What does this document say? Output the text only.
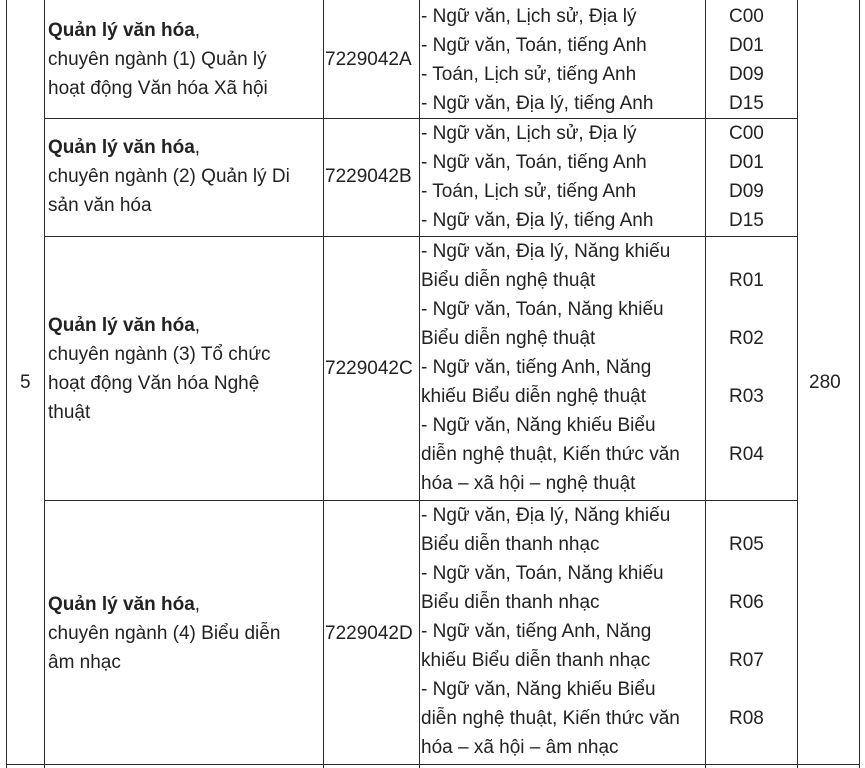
5	280
Quản lý văn hóa,
chuyên ngành (1) Quản lý
hoạt động Văn hóa Xã hội
7229042A
- Ngữ văn, Lịch sử, Địa lý
- Ngữ văn, Toán, tiếng Anh
- Toán, Lịch sử, tiếng Anh
- Ngữ văn, Địa lý, tiếng Anh
C00
D01
D09
D15
Quản lý văn hóa,
chuyên ngành (2) Quản lý Di
sản văn hóa
7229042B
- Ngữ văn, Lịch sử, Địa lý
- Ngữ văn, Toán, tiếng Anh
- Toán, Lịch sử, tiếng Anh
- Ngữ văn, Địa lý, tiếng Anh
C00
D01
D09
D15
Quản lý văn hóa,
chuyên ngành (3) Tổ chức
hoạt động Văn hóa Nghệ
thuật
7229042C
- Ngữ văn, Địa lý, Năng khiếu
Biểu diễn nghệ thuật
- Ngữ văn, Toán, Năng khiếu
Biểu diễn nghệ thuật
- Ngữ văn, tiếng Anh, Năng
khiếu Biểu diễn nghệ thuật
- Ngữ văn, Năng khiếu Biểu
diễn nghệ thuật, Kiến thức văn
hóa – xã hội – nghệ thuật
R01
R02
R03
R04
Quản lý văn hóa,
chuyên ngành (4) Biểu diễn
âm nhạc
7229042D
- Ngữ văn, Địa lý, Năng khiếu
Biểu diễn thanh nhạc
- Ngữ văn, Toán, Năng khiếu
Biểu diễn thanh nhạc
- Ngữ văn, tiếng Anh, Năng
khiếu Biểu diễn thanh nhạc
- Ngữ văn, Năng khiếu Biểu
diễn nghệ thuật, Kiến thức văn
hóa – xã hội – âm nhạc
R05
R06
R07
R08
